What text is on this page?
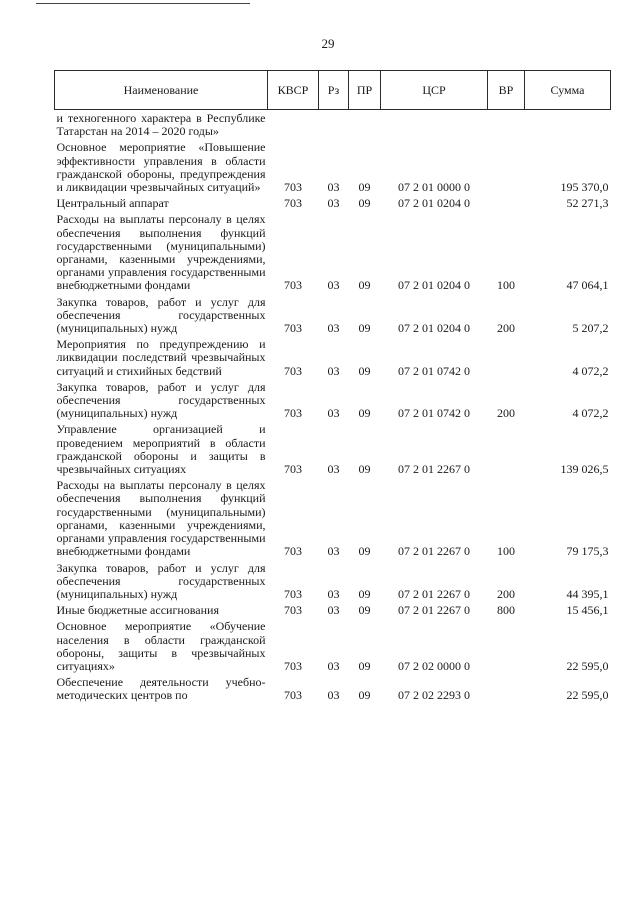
29
Наименование	КВСР	Рз	ПР	ЦСР	ВР	Сумма
и техногенного характера в Республике Татарстан на 2014 – 2020 годы»						
Основное мероприятие «Повышение эффективности управления в области гражданской обороны, предупреждения и ликвидации чрезвычайных ситуаций»	703	03	09	07 2 01 0000 0		195 370,0
Центральный аппарат	703	03	09	07 2 01 0204 0		52 271,3
Расходы на выплаты персоналу в целях обеспечения выполнения функций государственными (муниципальными) органами, казенными учреждениями, органами управления государственными внебюджетными фондами	703	03	09	07 2 01 0204 0	100	47 064,1
Закупка товаров, работ и услуг для обеспечения государственных (муниципальных) нужд	703	03	09	07 2 01 0204 0	200	5 207,2
Мероприятия по предупреждению и ликвидации последствий чрезвычайных ситуаций и стихийных бедствий	703	03	09	07 2 01 0742 0		4 072,2
Закупка товаров, работ и услуг для обеспечения государственных (муниципальных) нужд	703	03	09	07 2 01 0742 0	200	4 072,2
Управление организацией и проведением мероприятий в области гражданской обороны и защиты в чрезвычайных ситуациях	703	03	09	07 2 01 2267 0		139 026,5
Расходы на выплаты персоналу в целях обеспечения выполнения функций государственными (муниципальными) органами, казенными учреждениями, органами управления государственными внебюджетными фондами	703	03	09	07 2 01 2267 0	100	79 175,3
Закупка товаров, работ и услуг для обеспечения государственных (муниципальных) нужд	703	03	09	07 2 01 2267 0	200	44 395,1
Иные бюджетные ассигнования	703	03	09	07 2 01 2267 0	800	15 456,1
Основное мероприятие «Обучение населения в области гражданской обороны, защиты в чрезвычайных ситуациях»	703	03	09	07 2 02 0000 0		22 595,0
Обеспечение деятельности учебно-методических центров по	703	03	09	07 2 02 2293 0		22 595,0
